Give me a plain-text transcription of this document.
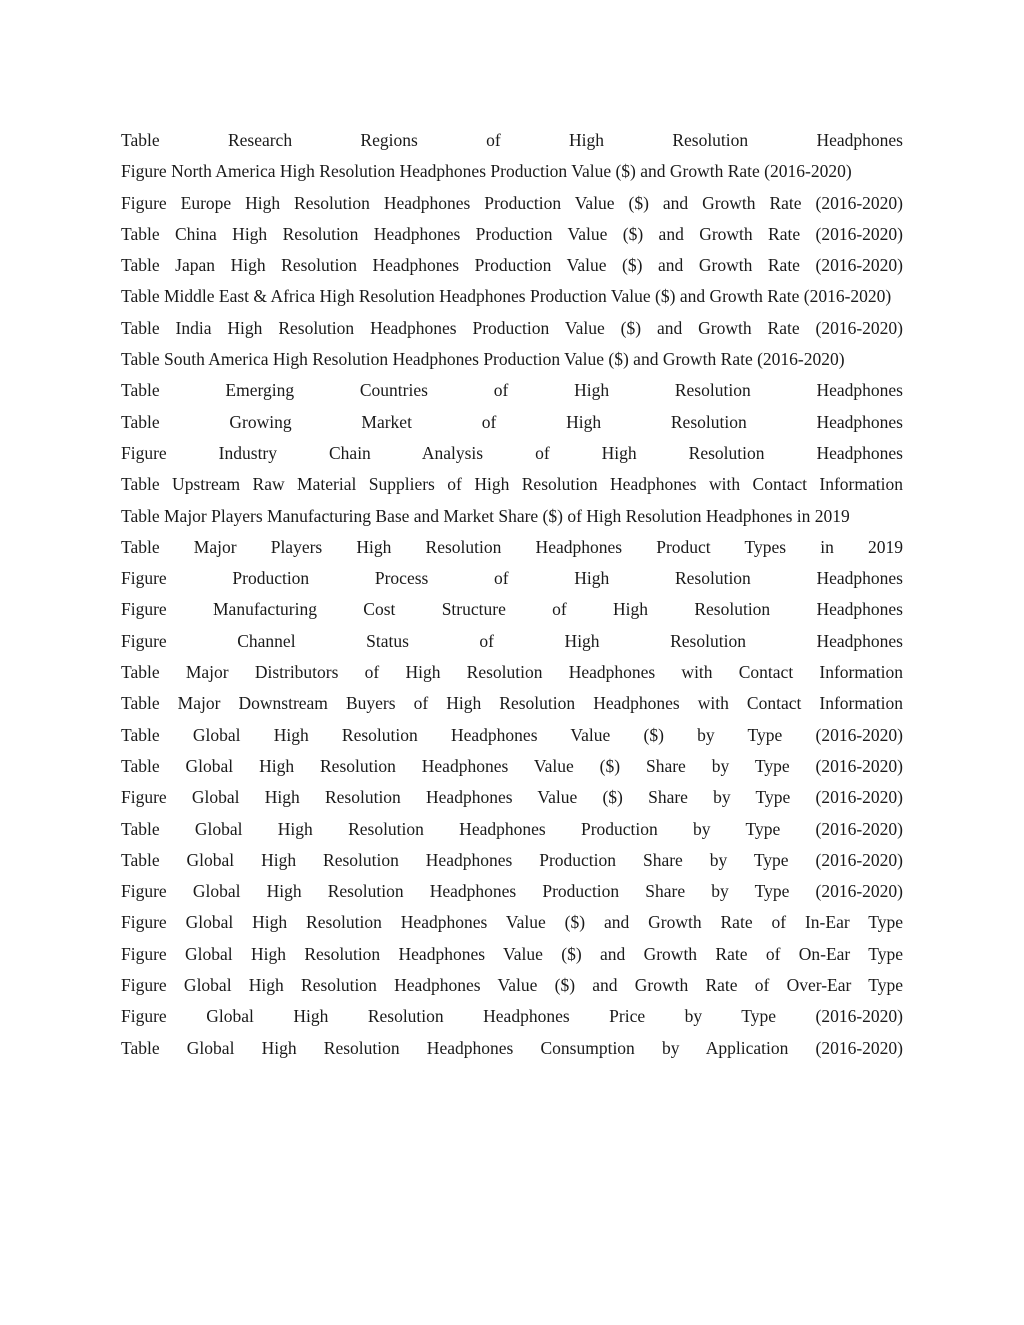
Table Research Regions of High Resolution Headphones

Figure North America High Resolution Headphones Production Value ($) and Growth Rate (2016-2020)

Figure Europe High Resolution Headphones Production Value ($) and Growth Rate (2016-2020)

Table China High Resolution Headphones Production Value ($) and Growth Rate (2016-2020)

Table Japan High Resolution Headphones Production Value ($) and Growth Rate (2016-2020)

Table Middle East & Africa High Resolution Headphones Production Value ($) and Growth Rate (2016-2020)

Table India High Resolution Headphones Production Value ($) and Growth Rate (2016-2020)

Table South America High Resolution Headphones Production Value ($) and Growth Rate (2016-2020)

Table Emerging Countries of High Resolution Headphones

Table Growing Market of High Resolution Headphones

Figure Industry Chain Analysis of High Resolution Headphones

Table Upstream Raw Material Suppliers of High Resolution Headphones with Contact Information

Table Major Players Manufacturing Base and Market Share ($) of High Resolution Headphones in 2019

Table Major Players High Resolution Headphones Product Types in 2019

Figure Production Process of High Resolution Headphones

Figure Manufacturing Cost Structure of High Resolution Headphones

Figure Channel Status of High Resolution Headphones

Table Major Distributors of High Resolution Headphones with Contact Information

Table Major Downstream Buyers of High Resolution Headphones with Contact Information

Table Global High Resolution Headphones Value ($) by Type (2016-2020)

Table Global High Resolution Headphones Value ($) Share by Type (2016-2020)

Figure Global High Resolution Headphones Value ($) Share by Type (2016-2020)

Table Global High Resolution Headphones Production by Type (2016-2020)

Table Global High Resolution Headphones Production Share by Type (2016-2020)

Figure Global High Resolution Headphones Production Share by Type (2016-2020)

Figure Global High Resolution Headphones Value ($) and Growth Rate of In-Ear Type

Figure Global High Resolution Headphones Value ($) and Growth Rate of On-Ear Type

Figure Global High Resolution Headphones Value ($) and Growth Rate of Over-Ear Type

Figure Global High Resolution Headphones Price by Type (2016-2020)

Table Global High Resolution Headphones Consumption by Application (2016-2020)
